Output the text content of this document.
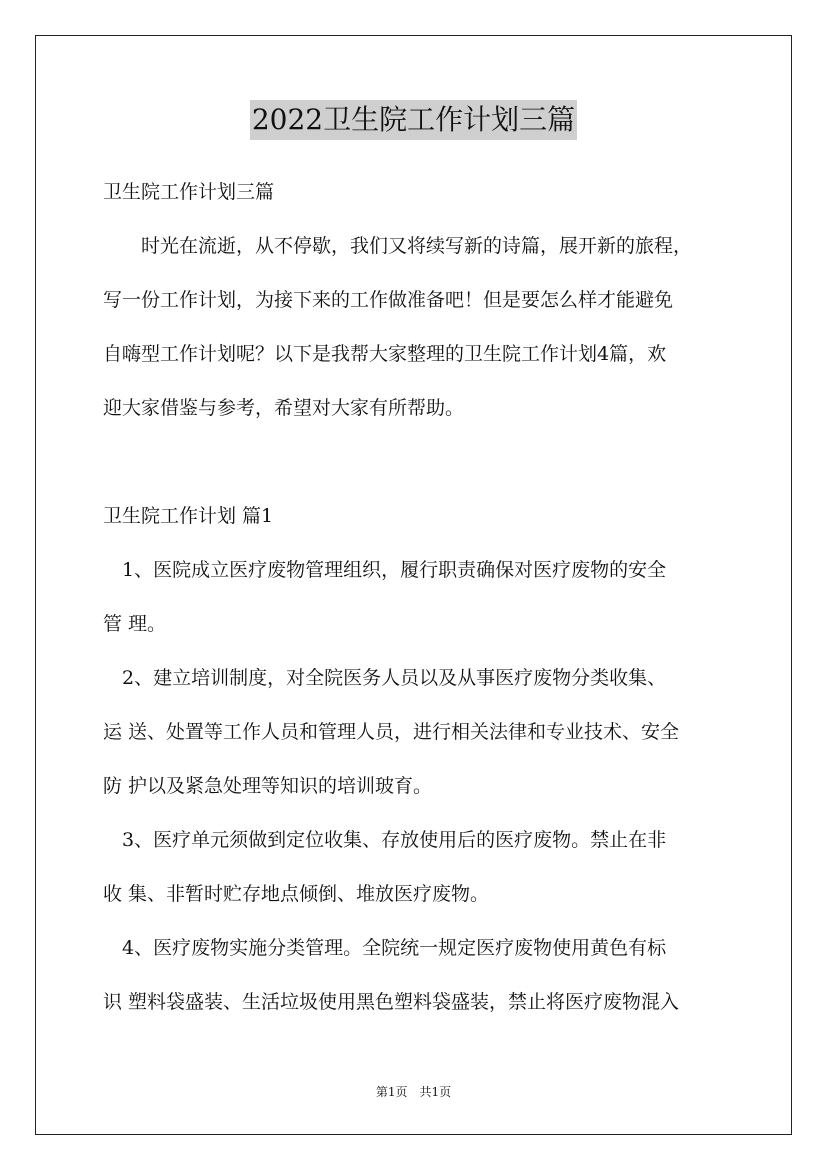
2022卫生院工作计划三篇
卫生院工作计划三篇
　　时光在流逝，从不停歇，我们又将续写新的诗篇，展开新的旅程，
写一份工作计划，为接下来的工作做准备吧！但是要怎么样才能避免
自嗨型工作计划呢？以下是我帮大家整理的卫生院工作计划4篇，欢
迎大家借鉴与参考，希望对大家有所帮助。
卫生院工作计划 篇1
　1、医院成立医疗废物管理组织，履行职责确保对医疗废物的安全
管 理。
　2、建立培训制度，对全院医务人员以及从事医疗废物分类收集、
运 送、处置等工作人员和管理人员，进行相关法律和专业技术、安全
防 护以及紧急处理等知识的培训玻育。
　3、医疗单元须做到定位收集、存放使用后的医疗废物。禁止在非
收 集、非暂时贮存地点倾倒、堆放医疗废物。
　4、医疗废物实施分类管理。全院统一规定医疗废物使用黄色有标
识 塑料袋盛装、生活垃圾使用黑色塑料袋盛装，禁止将医疗废物混入
第1页　共1页
